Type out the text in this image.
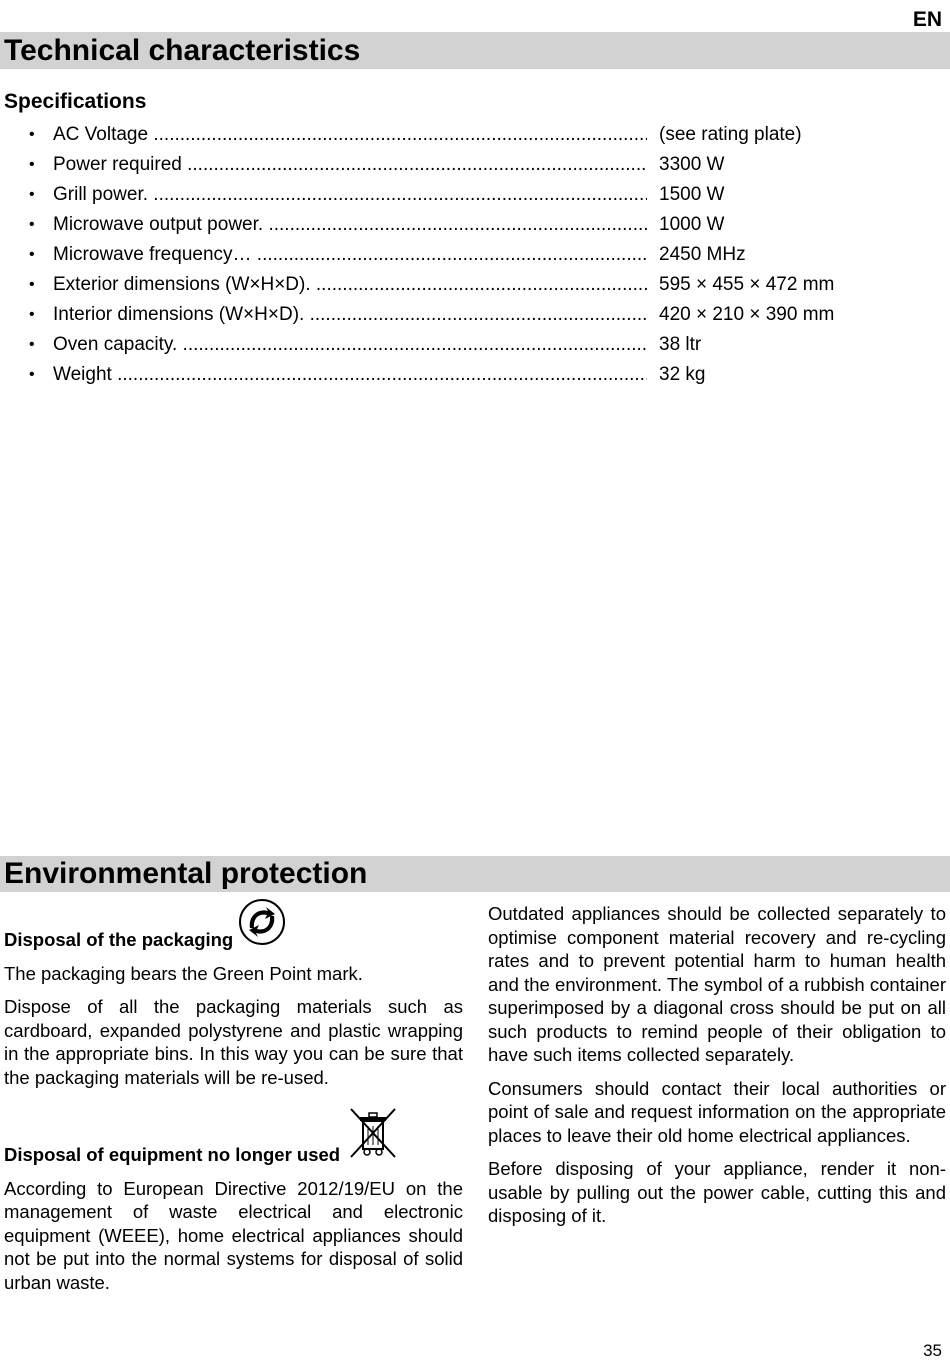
EN
Technical characteristics
Specifications
• AC Voltage .....	(see rating plate)
• Power required .....	3300 W
• Grill power. .....	1500 W
• Microwave output power. .....	1000 W
• Microwave frequency… .....	2450 MHz
• Exterior dimensions (W×H×D). .....	595 × 455 × 472 mm
• Interior dimensions (W×H×D). .....	420 × 210 × 390 mm
• Oven capacity. .....	38 ltr
• Weight .....	32 kg
Environmental protection
Disposal of the packaging

The packaging bears the Green Point mark.

Dispose of all the packaging materials such as cardboard, expanded polystyrene and plastic wrapping in the appropriate bins. In this way you can be sure that the packaging materials will be re-used.

Disposal of equipment no longer used

According to European Directive 2012/19/EU on the management of waste electrical and electronic equipment (WEEE), home electrical appliances should not be put into the normal systems for disposal of solid urban waste.

Outdated appliances should be collected separately to optimise component material recovery and re-cycling rates and to prevent potential harm to human health and the environment. The symbol of a rubbish container superimposed by a diagonal cross should be put on all such products to remind people of their obligation to have such items collected separately.

Consumers should contact their local authorities or point of sale and request information on the appropriate places to leave their old home electrical appliances.

Before disposing of your appliance, render it non-usable by pulling out the power cable, cutting this and disposing of it.

35
